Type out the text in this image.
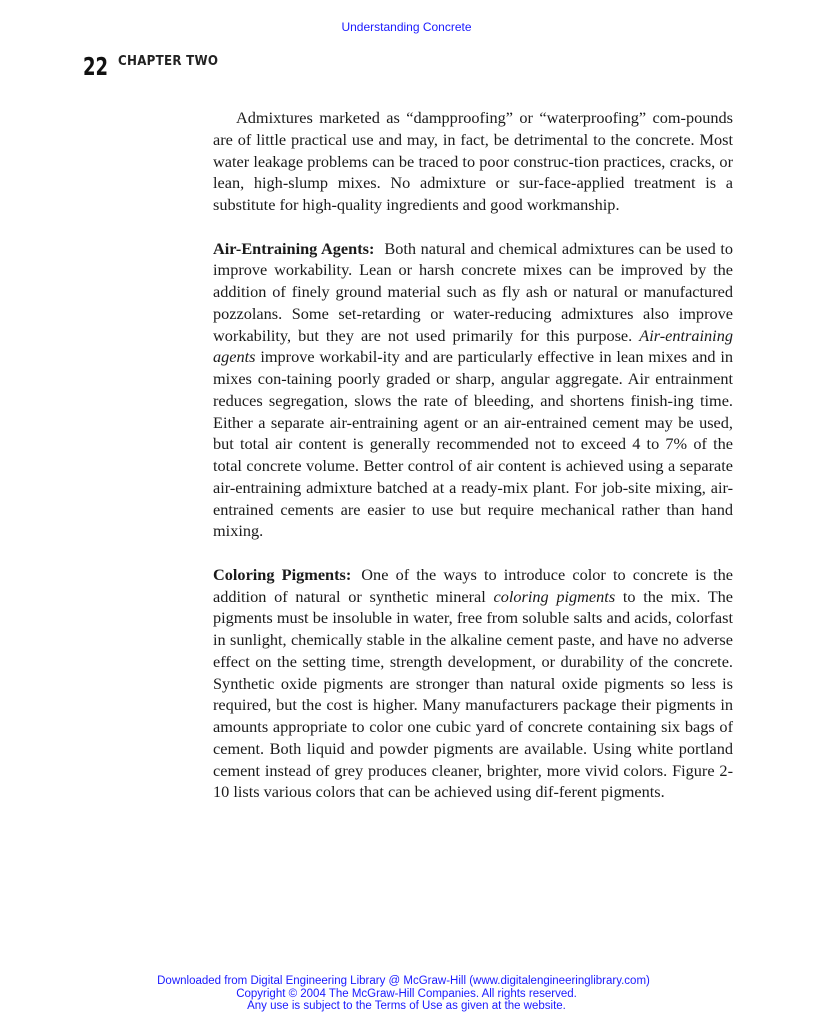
Understanding Concrete
22 CHAPTER TWO

Admixtures marketed as “dampproofing” or “waterproofing” com-pounds are of little practical use and may, in fact, be detrimental to the concrete. Most water leakage problems can be traced to poor construc-tion practices, cracks, or lean, high-slump mixes. No admixture or sur-face-applied treatment is a substitute for high-quality ingredients and good workmanship.

Air-Entraining Agents: Both natural and chemical admixtures can be used to improve workability. Lean or harsh concrete mixes can be improved by the addition of finely ground material such as fly ash or natural or manufactured pozzolans. Some set-retarding or water-reducing admixtures also improve workability, but they are not used primarily for this purpose. Air-entraining agents improve workabil-ity and are particularly effective in lean mixes and in mixes con-taining poorly graded or sharp, angular aggregate. Air entrainment reduces segregation, slows the rate of bleeding, and shortens finish-ing time. Either a separate air-entraining agent or an air-entrained cement may be used, but total air content is generally recommended not to exceed 4 to 7% of the total concrete volume. Better control of air content is achieved using a separate air-entraining admixture batched at a ready-mix plant. For job-site mixing, air-entrained cements are easier to use but require mechanical rather than hand mixing.

Coloring Pigments: One of the ways to introduce color to concrete is the addition of natural or synthetic mineral coloring pigments to the mix. The pigments must be insoluble in water, free from soluble salts and acids, colorfast in sunlight, chemically stable in the alkaline cement paste, and have no adverse effect on the setting time, strength development, or durability of the concrete. Synthetic oxide pigments are stronger than natural oxide pigments so less is required, but the cost is higher. Many manufacturers package their pigments in amounts appropriate to color one cubic yard of concrete containing six bags of cement. Both liquid and powder pigments are available. Using white portland cement instead of grey produces cleaner, brighter, more vivid colors. Figure 2-10 lists various colors that can be achieved using dif-ferent pigments.

Downloaded from Digital Engineering Library @ McGraw-Hill (www.digitalengineeringlibrary.com)
Copyright © 2004 The McGraw-Hill Companies. All rights reserved.
Any use is subject to the Terms of Use as given at the website.
